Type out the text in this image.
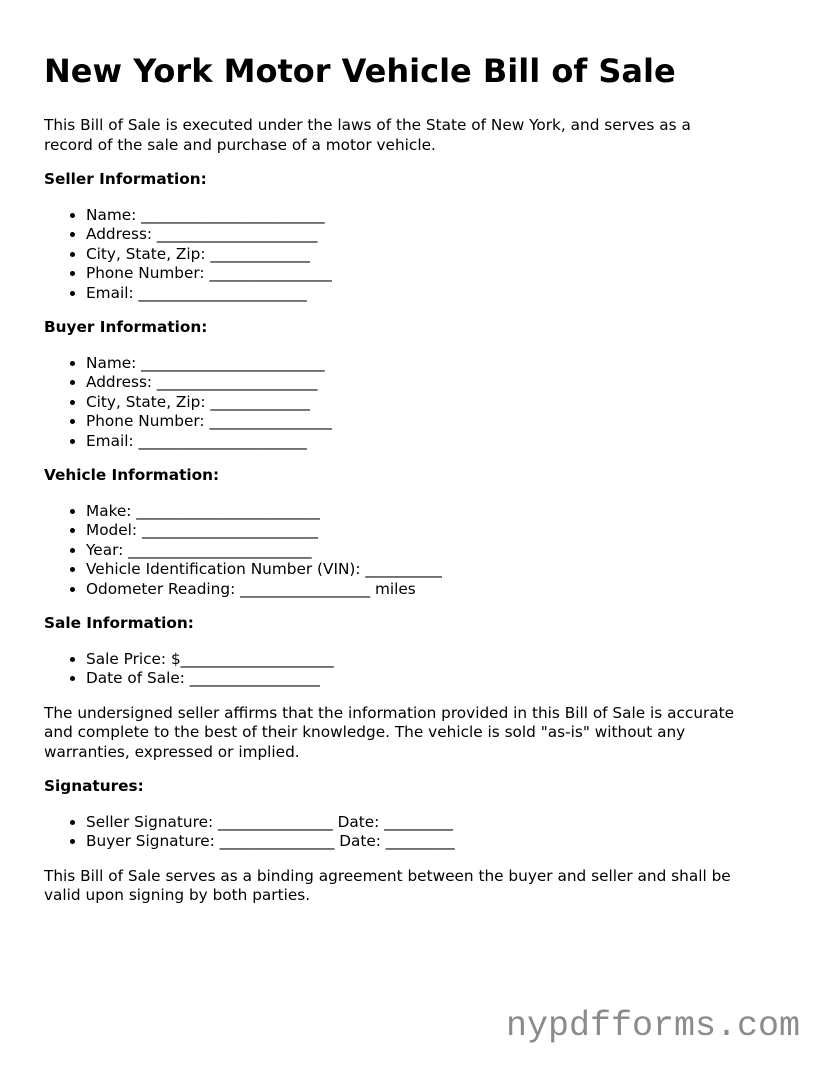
New York Motor Vehicle Bill of Sale

This Bill of Sale is executed under the laws of the State of New York, and serves as a
record of the sale and purchase of a motor vehicle.

Seller Information:
• Name: ________________________
• Address: _____________________
• City, State, Zip: _____________
• Phone Number: ________________
• Email: ______________________
Buyer Information:
• Name: ________________________
• Address: _____________________
• City, State, Zip: _____________
• Phone Number: ________________
• Email: ______________________
Vehicle Information:
• Make: ________________________
• Model: _______________________
• Year: ________________________
• Vehicle Identification Number (VIN): __________
• Odometer Reading: _________________ miles
Sale Information:
• Sale Price: $____________________
• Date of Sale: _________________

The undersigned seller affirms that the information provided in this Bill of Sale is accurate
and complete to the best of their knowledge. The vehicle is sold "as-is" without any
warranties, expressed or implied.

Signatures:
• Seller Signature: _______________ Date: _________
• Buyer Signature: _______________ Date: _________

This Bill of Sale serves as a binding agreement between the buyer and seller and shall be
valid upon signing by both parties.

nypdfforms.com
